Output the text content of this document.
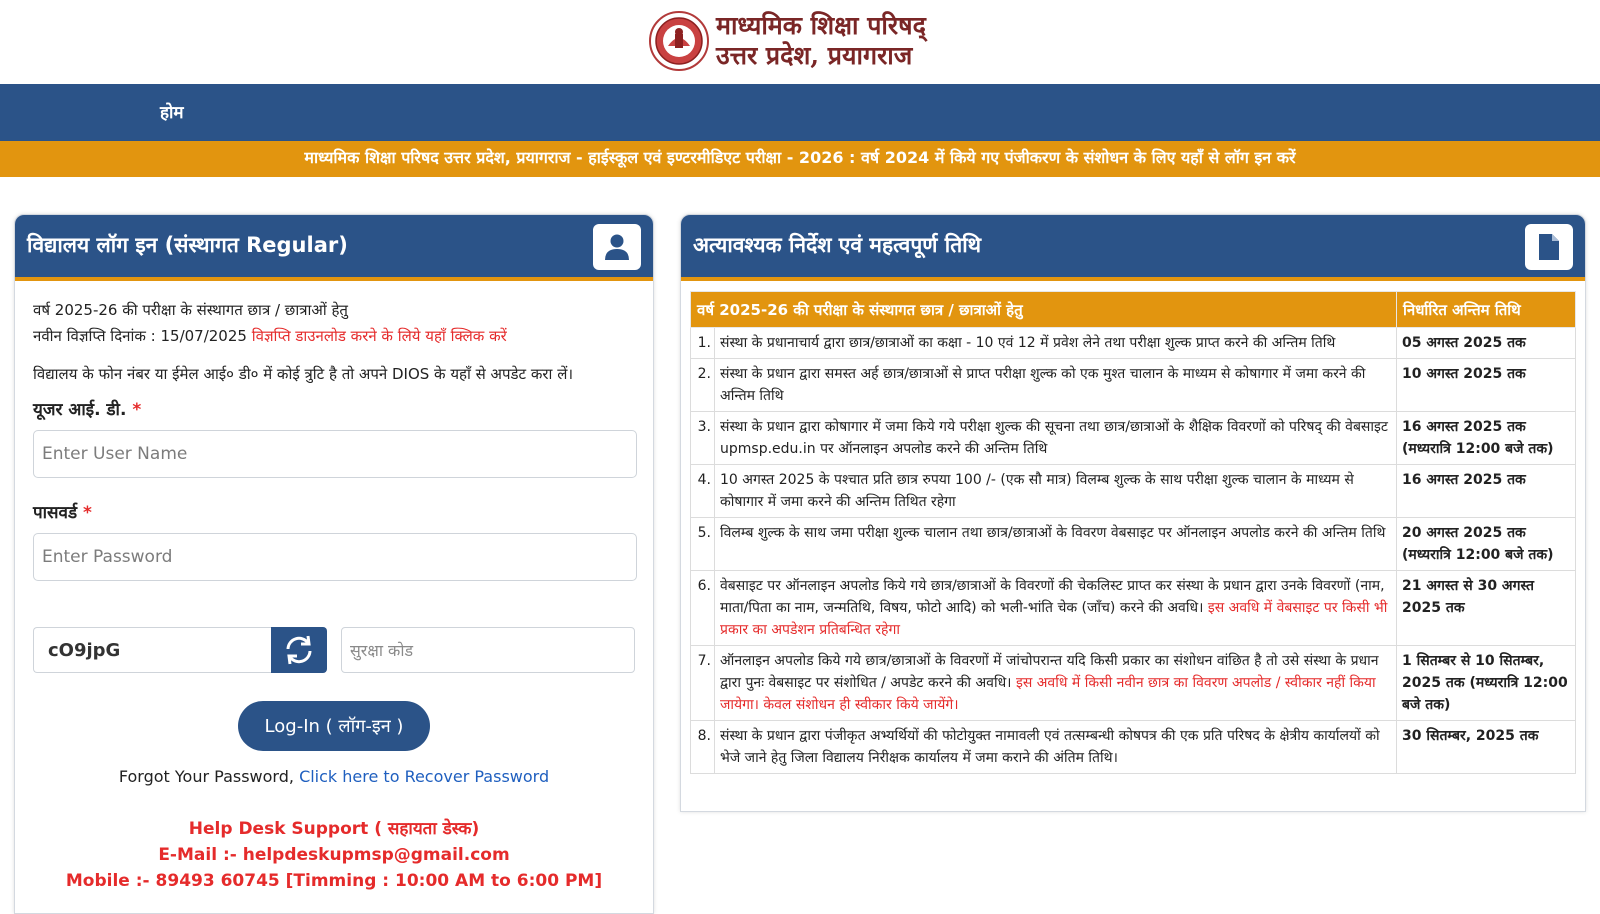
माध्यमिक शिक्षा परिषद्
उत्तर प्रदेश, प्रयागराज
होम
माध्यमिक शिक्षा परिषद उत्तर प्रदेश, प्रयागराज - हाईस्कूल एवं इण्टरमीडिएट परीक्षा - 2026 : वर्ष 2024 में किये गए पंजीकरण के संशोधन के लिए यहाँ से लॉग इन करें
विद्यालय लॉग इन (संस्थागत Regular)
वर्ष 2025-26 की परीक्षा के संस्थागत छात्र / छात्राओं हेतु
नवीन विज्ञप्ति दिनांक : 15/07/2025 विज्ञप्ति डाउनलोड करने के लिये यहाँ क्लिक करें
विद्यालय के फोन नंबर या ईमेल आई० डी० में कोई त्रुटि है तो अपने DIOS के यहाँ से अपडेट करा लें।
यूजर आई. डी. *
Enter User Name
पासवर्ड *
cO9jpG
सुरक्षा कोड
Log-In ( लॉग-इन )
Forgot Your Password, Click here to Recover Password
Help Desk Support ( सहायता डेस्क)
E-Mail :- helpdeskupmsp@gmail.com
Mobile :- 89493 60745 [Timming : 10:00 AM to 6:00 PM]
अत्यावश्यक निर्देश एवं महत्वपूर्ण तिथि
वर्ष 2025-26 की परीक्षा के संस्थागत छात्र / छात्राओं हेतु		निर्धारित अन्तिम तिथि
1.	संस्था के प्रधानाचार्य द्वारा छात्र/छात्राओं का कक्षा - 10 एवं 12 में प्रवेश लेने तथा परीक्षा शुल्क प्राप्त करने की अन्तिम तिथि	05 अगस्त 2025 तक
2.	संस्था के प्रधान द्वारा समस्त अर्ह छात्र/छात्राओं से प्राप्त परीक्षा शुल्क को एक मुश्त चालान के माध्यम से कोषागार में जमा करने की अन्तिम तिथि	10 अगस्त 2025 तक
3.	संस्था के प्रधान द्वारा कोषागार में जमा किये गये परीक्षा शुल्क की सूचना तथा छात्र/छात्राओं के शैक्षिक विवरणों को परिषद् की वेबसाइट upmsp.edu.in पर ऑनलाइन अपलोड करने की अन्तिम तिथि	16 अगस्त 2025 तक (मध्यरात्रि 12:00 बजे तक)
4.	10 अगस्त 2025 के पश्चात प्रति छात्र रुपया 100 /- (एक सौ मात्र) विलम्ब शुल्क के साथ परीक्षा शुल्क चालान के माध्यम से कोषागार में जमा करने की अन्तिम तिथित रहेगा	16 अगस्त 2025 तक
5.	विलम्ब शुल्क के साथ जमा परीक्षा शुल्क चालान तथा छात्र/छात्राओं के विवरण वेबसाइट पर ऑनलाइन अपलोड करने की अन्तिम तिथि	20 अगस्त 2025 तक (मध्यरात्रि 12:00 बजे तक)
6.	वेबसाइट पर ऑनलाइन अपलोड किये गये छात्र/छात्राओं के विवरणों की चेकलिस्ट प्राप्त कर संस्था के प्रधान द्वारा उनके विवरणों (नाम, माता/पिता का नाम, जन्मतिथि, विषय, फोटो आदि) को भली-भांति चेक (जाँच) करने की अवधि। इस अवधि में वेबसाइट पर किसी भी प्रकार का अपडेशन प्रतिबन्धित रहेगा	21 अगस्त से 30 अगस्त 2025 तक
7.	ऑनलाइन अपलोड किये गये छात्र/छात्राओं के विवरणों में जांचोपरान्त यदि किसी प्रकार का संशोधन वांछित है तो उसे संस्था के प्रधान द्वारा पुनः वेबसाइट पर संशोधित / अपडेट करने की अवधि। इस अवधि में किसी नवीन छात्र का विवरण अपलोड / स्वीकार नहीं किया जायेगा। केवल संशोधन ही स्वीकार किये जायेंगे।	1 सितम्बर से 10 सितम्बर, 2025 तक (मध्यरात्रि 12:00 बजे तक)
8.	संस्था के प्रधान द्वारा पंजीकृत अभ्यर्थियों की फोटोयुक्त नामावली एवं तत्सम्बन्धी कोषपत्र की एक प्रति परिषद के क्षेत्रीय कार्यालयों को भेजे जाने हेतु जिला विद्यालय निरीक्षक कार्यालय में जमा कराने की अंतिम तिथि।	30 सितम्बर, 2025 तक
